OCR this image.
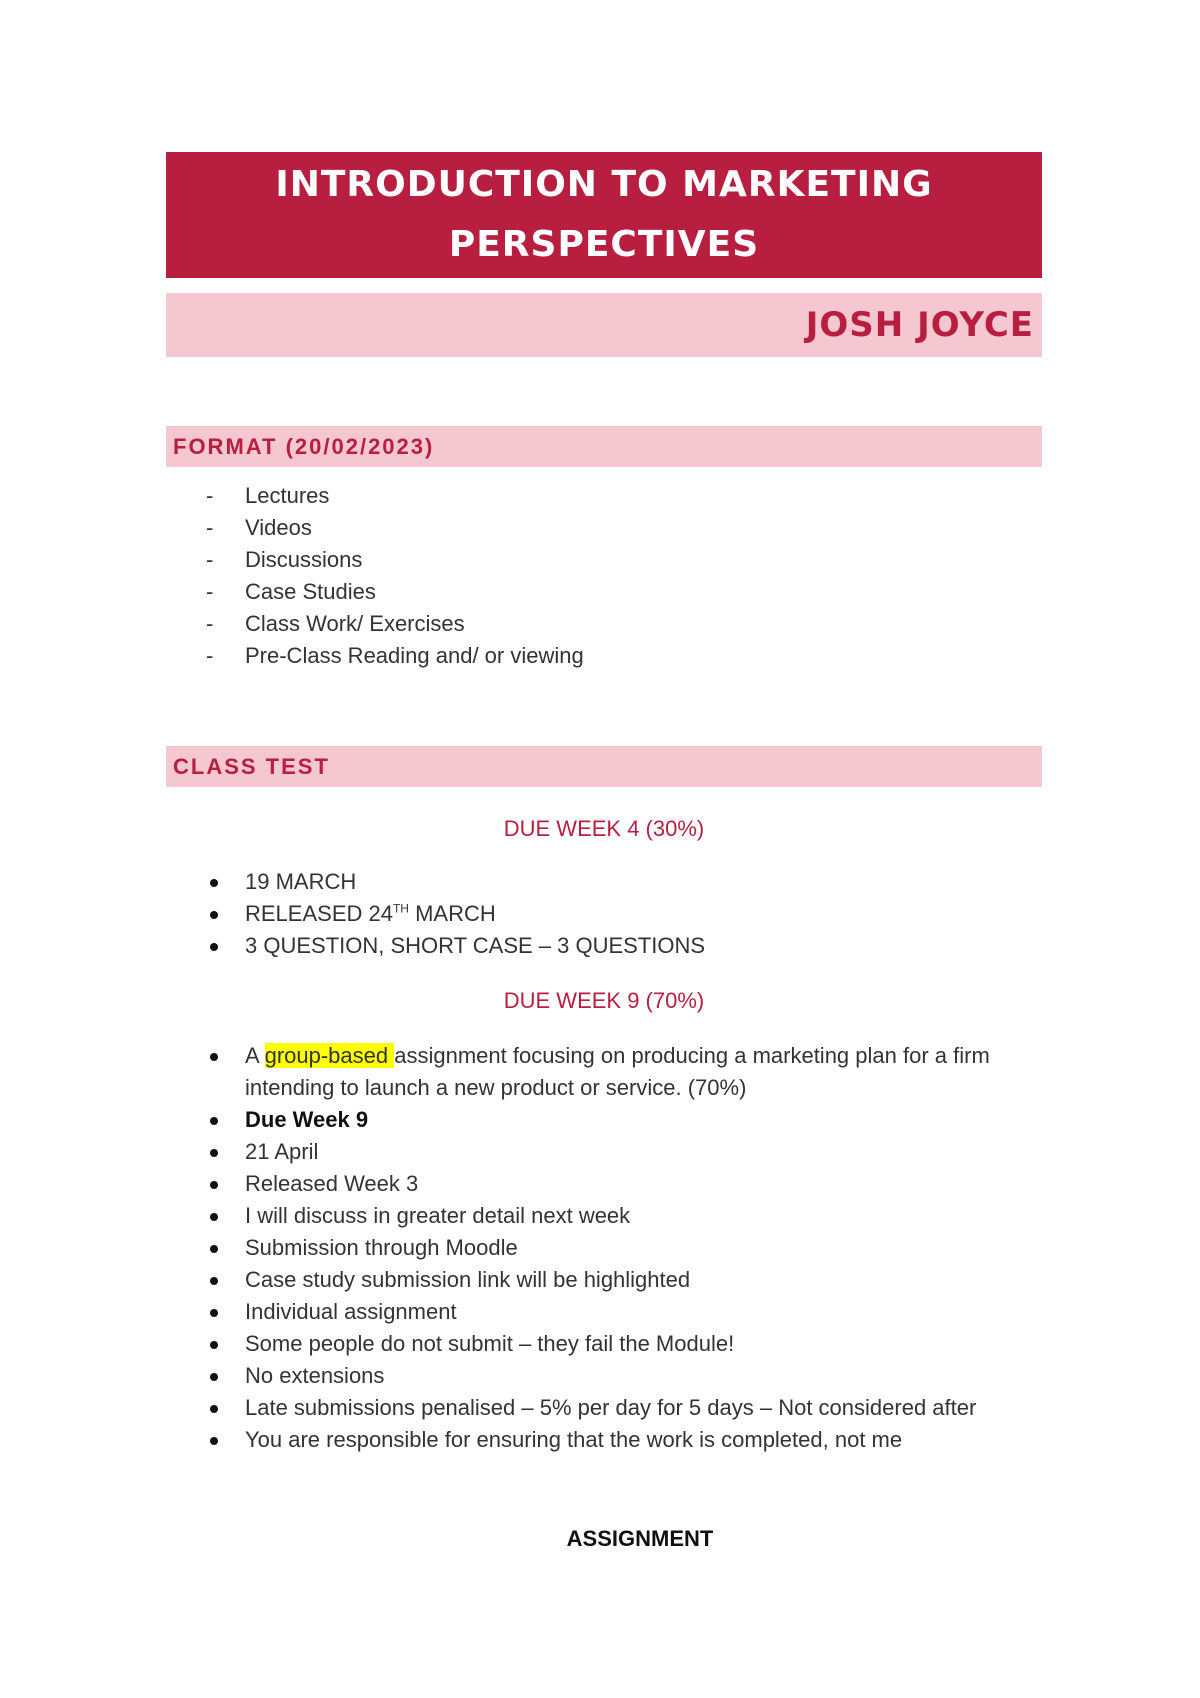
INTRODUCTION TO MARKETING
PERSPECTIVES
JOSH JOYCE
FORMAT (20/02/2023)
- Lectures
- Videos
- Discussions
- Case Studies
- Class Work/ Exercises
- Pre-Class Reading and/ or viewing
CLASS TEST
DUE WEEK 4 (30%)
19 MARCH
RELEASED 24TH MARCH
3 QUESTION, SHORT CASE – 3 QUESTIONS
DUE WEEK 9 (70%)
A group-based assignment focusing on producing a marketing plan for a firm intending to launch a new product or service. (70%)
Due Week 9
21 April
Released Week 3
I will discuss in greater detail next week
Submission through Moodle
Case study submission link will be highlighted
Individual assignment
Some people do not submit – they fail the Module!
No extensions
Late submissions penalised – 5% per day for 5 days – Not considered after
You are responsible for ensuring that the work is completed, not me
ASSIGNMENT
